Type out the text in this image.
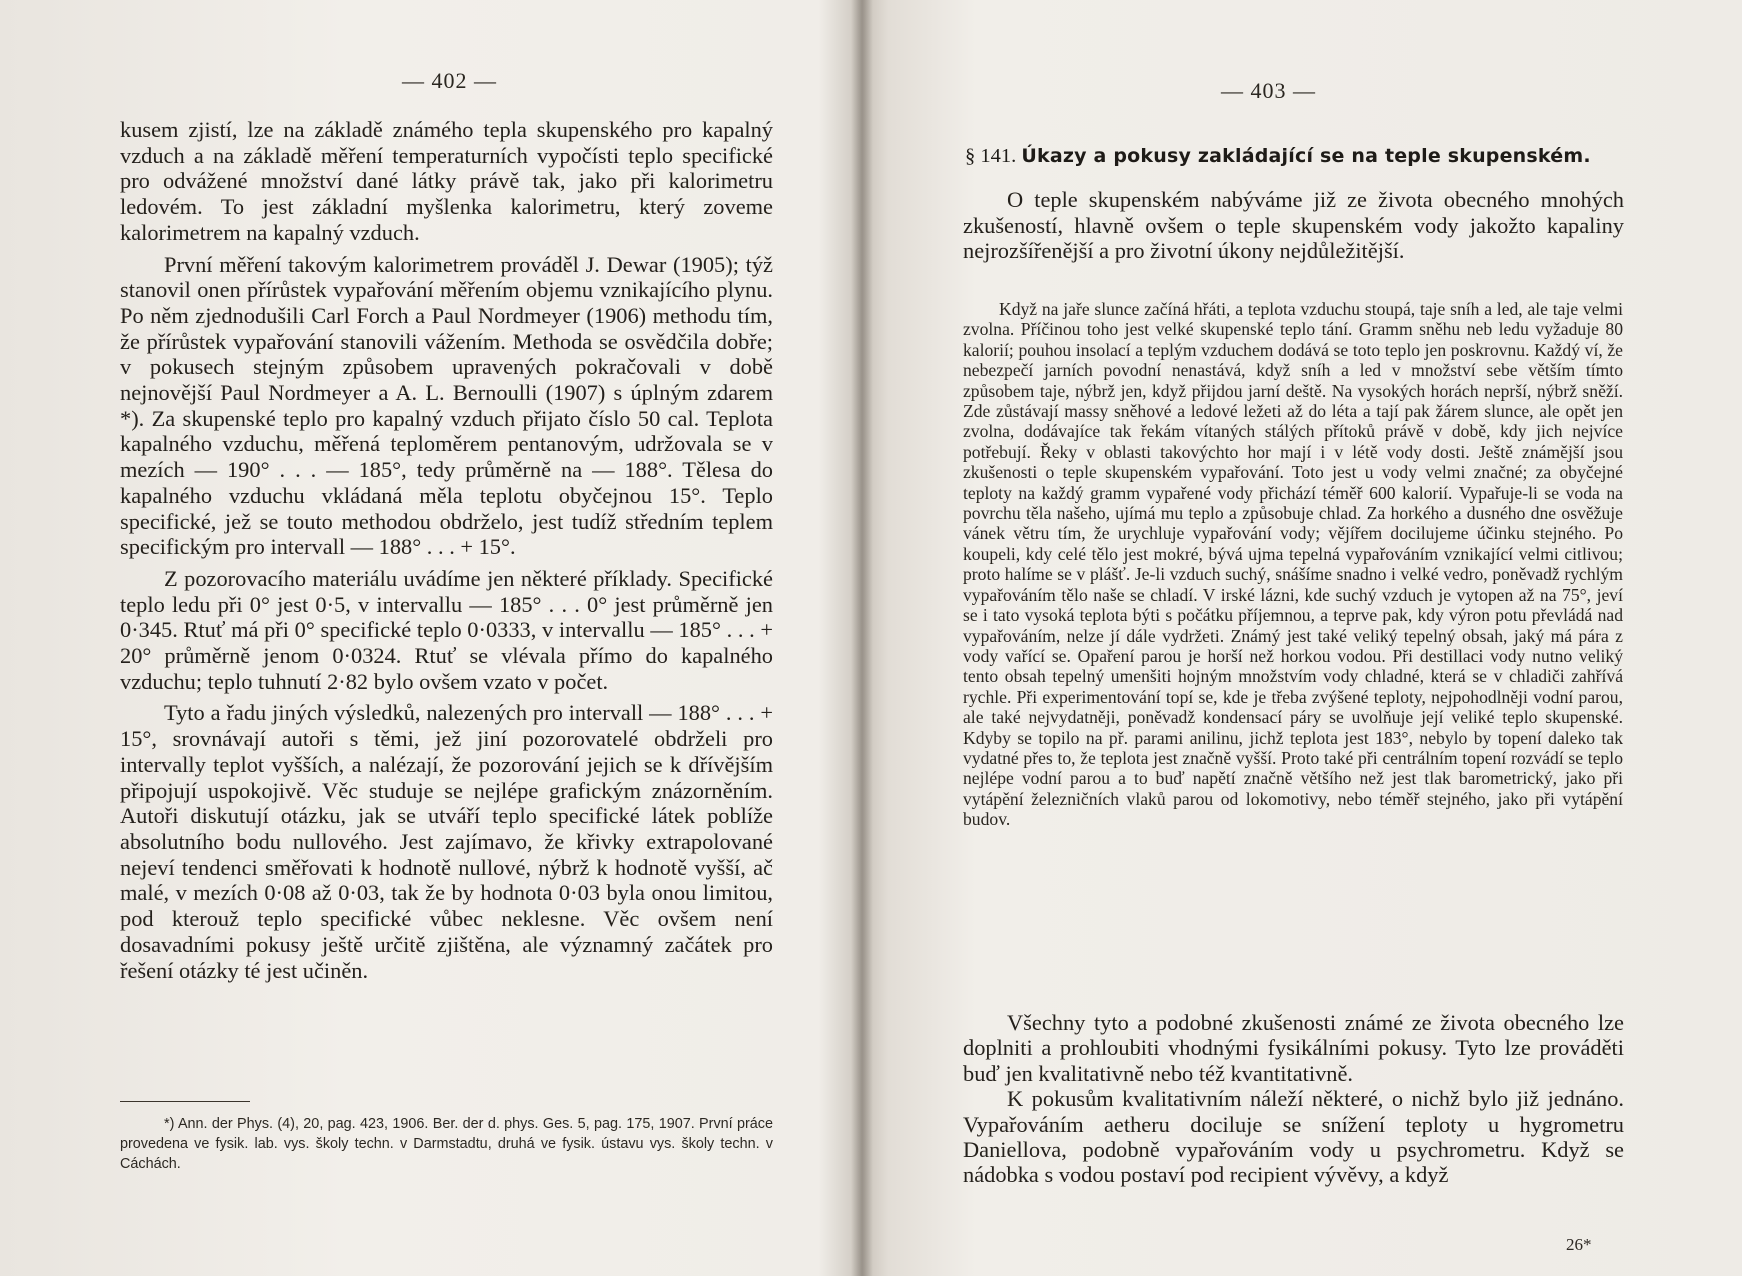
— 402 —

kusem zjistí, lze na základě známého tepla skupenského pro kapalný vzduch a na základě měření temperaturních vypočísti teplo specifické pro odvážené množství dané látky právě tak, jako při kalorimetru ledovém. To jest základní myšlenka kalorimetru, který zoveme kalorimetrem na kapalný vzduch.

První měření takovým kalorimetrem prováděl J. Dewar (1905); týž stanovil onen přírůstek vypařování měřením objemu vznikajícího plynu. Po něm zjednodušili Carl Forch a Paul Nordmeyer (1906) methodu tím, že přírůstek vypařování stanovili vážením. Methoda se osvědčila dobře; v pokusech stejným způsobem upravených pokračovali v době nejnovější Paul Nordmeyer a A. L. Bernoulli (1907) s úplným zdarem *). Za skupenské teplo pro kapalný vzduch přijato číslo 50 cal. Teplota kapalného vzduchu, měřená teploměrem pentanovým, udržovala se v mezích — 190° . . . — 185°, tedy průměrně na — 188°. Tělesa do kapalného vzduchu vkládaná měla teplotu obyčejnou 15°. Teplo specifické, jež se touto methodou obdrželo, jest tudíž středním teplem specifickým pro intervall — 188° . . . + 15°.

Z pozorovacího materiálu uvádíme jen některé příklady. Specifické teplo ledu při 0° jest 0·5, v intervallu — 185° . . . 0° jest průměrně jen 0·345. Rtuť má při 0° specifické teplo 0·0333, v intervallu — 185° . . . + 20° průměrně jenom 0·0324. Rtuť se vlévala přímo do kapalného vzduchu; teplo tuhnutí 2·82 bylo ovšem vzato v počet.

Tyto a řadu jiných výsledků, nalezených pro intervall — 188° . . . + 15°, srovnávají autoři s těmi, jež jiní pozorovatelé obdrželi pro intervally teplot vyšších, a nalézají, že pozorování jejich se k dřívějším připojují uspokojivě. Věc studuje se nejlépe grafickým znázorněním. Autoři diskutují otázku, jak se utváří teplo specifické látek poblíže absolutního bodu nullového. Jest zajímavo, že křivky extrapolované nejeví tendenci směřovati k hodnotě nullové, nýbrž k hodnotě vyšší, ač malé, v mezích 0·08 až 0·03, tak že by hodnota 0·03 byla onou limitou, pod kterouž teplo specifické vůbec neklesne. Věc ovšem není dosavadními pokusy ještě určitě zjištěna, ale významný začátek pro řešení otázky té jest učiněn.

*) Ann. der Phys. (4), 20, pag. 423, 1906. Ber. der d. phys. Ges. 5, pag. 175, 1907. První práce provedena ve fysik. lab. vys. školy techn. v Darmstadtu, druhá ve fysik. ústavu vys. školy techn. v Cáchách.

— 403 —
§ 141. Úkazy a pokusy zakládající se na teple skupenském.

O teple skupenském nabýváme již ze života obecného mnohých zkušeností, hlavně ovšem o teple skupenském vody jakožto kapaliny nejrozšířenější a pro životní úkony nejdůležitější.

Když na jaře slunce začíná hřáti, a teplota vzduchu stoupá, taje sníh a led, ale taje velmi zvolna. Příčinou toho jest velké skupenské teplo tání. Gramm sněhu neb ledu vyžaduje 80 kalorií; pouhou insolací a teplým vzduchem dodává se toto teplo jen poskrovnu. Každý ví, že nebezpečí jarních povodní nenastává, když sníh a led v množství sebe větším tímto způsobem taje, nýbrž jen, když přijdou jarní deště. Na vysokých horách neprší, nýbrž sněží. Zde zůstávají massy sněhové a ledové ležeti až do léta a tají pak žárem slunce, ale opět jen zvolna, dodávajíce tak řekám vítaných stálých přítoků právě v době, kdy jich nejvíce potřebují. Řeky v oblasti takovýchto hor mají i v létě vody dosti. Ještě známější jsou zkušenosti o teple skupenském vypařování. Toto jest u vody velmi značné; za obyčejné teploty na každý gramm vypařené vody přichází téměř 600 kalorií. Vypařuje-li se voda na povrchu těla našeho, ujímá mu teplo a způsobuje chlad. Za horkého a dusného dne osvěžuje vánek větru tím, že urychluje vypařování vody; vějířem docilujeme účinku stejného. Po koupeli, kdy celé tělo jest mokré, bývá ujma tepelná vypařováním vznikající velmi citlivou; proto halíme se v plášť. Je-li vzduch suchý, snášíme snadno i velké vedro, poněvadž rychlým vypařováním tělo naše se chladí. V irské lázni, kde suchý vzduch je vytopen až na 75°, jeví se i tato vysoká teplota býti s počátku příjemnou, a teprve pak, kdy výron potu převládá nad vypařováním, nelze jí dále vydržeti. Známý jest také veliký tepelný obsah, jaký má pára z vody vařící se. Opaření parou je horší než horkou vodou. Při destillaci vody nutno veliký tento obsah tepelný umenšiti hojným množstvím vody chladné, která se v chladiči zahřívá rychle. Při experimentování topí se, kde je třeba zvýšené teploty, nejpohodlněji vodní parou, ale také nejvydatněji, poněvadž kondensací páry se uvolňuje její veliké teplo skupenské. Kdyby se topilo na př. parami anilinu, jichž teplota jest 183°, nebylo by topení daleko tak vydatné přes to, že teplota jest značně vyšší. Proto také při centrálním topení rozvádí se teplo nejlépe vodní parou a to buď napětí značně většího než jest tlak barometrický, jako při vytápění železničních vlaků parou od lokomotivy, nebo téměř stejného, jako při vytápění budov.

Všechny tyto a podobné zkušenosti známé ze života obecného lze doplniti a prohloubiti vhodnými fysikálními pokusy. Tyto lze prováděti buď jen kvalitativně nebo též kvantitativně.

K pokusům kvalitativním náleží některé, o nichž bylo již jednáno. Vypařováním aetheru dociluje se snížení teploty u hygrometru Daniellova, podobně vypařováním vody u psychrometru. Když se nádobka s vodou postaví pod recipient vývěvy, a když

26*
